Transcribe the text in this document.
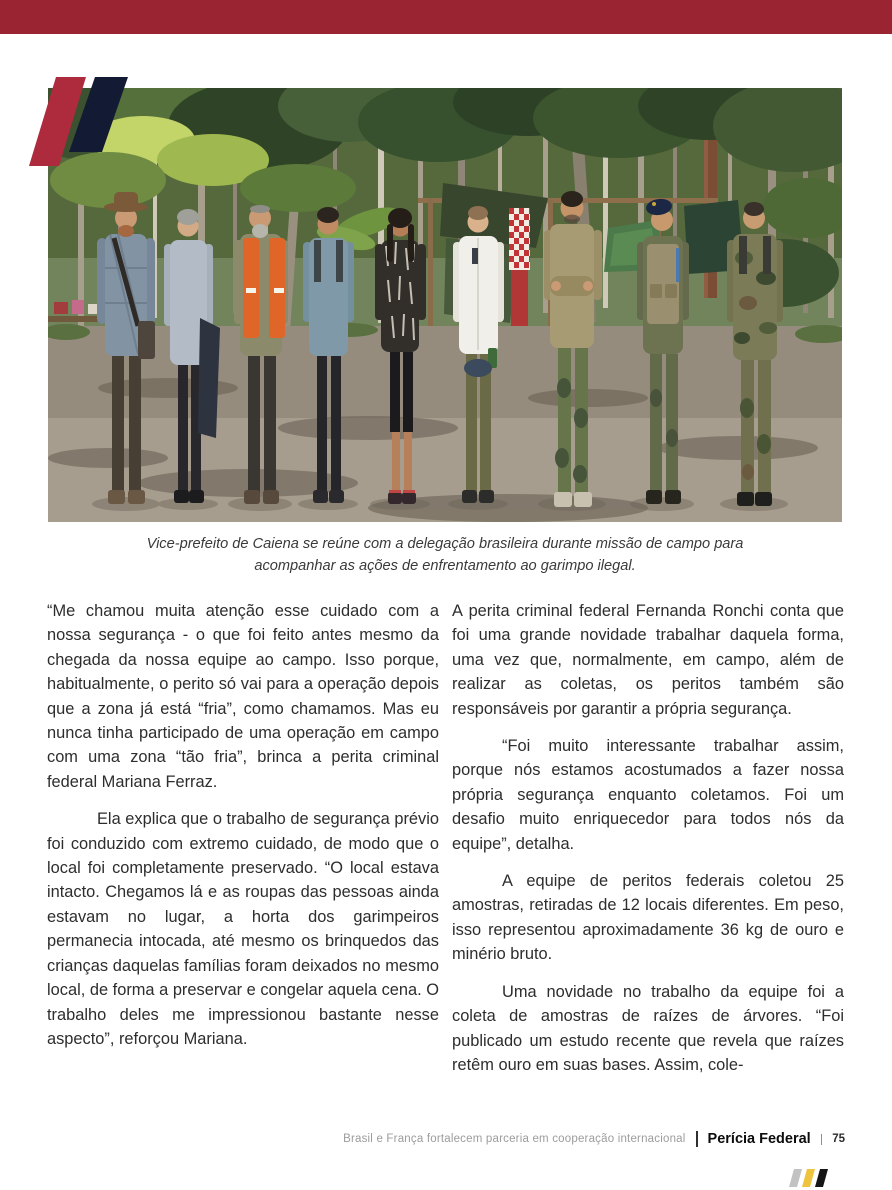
Vice-prefeito de Caiena se reúne com a delegação brasileira durante missão de campo para acompanhar as ações de enfrentamento ao garimpo ilegal.

“Me chamou muita atenção esse cuidado com a nossa segurança - o que foi feito antes mesmo da chegada da nossa equipe ao campo. Isso porque, habitualmente, o perito só vai para a operação depois que a zona já está “fria”, como chamamos. Mas eu nunca tinha participado de uma operação em campo com uma zona “tão fria”, brinca a perita criminal federal Mariana Ferraz.

Ela explica que o trabalho de segurança prévio foi conduzido com extremo cuidado, de modo que o local foi completamente preservado. “O local estava intacto. Chegamos lá e as roupas das pessoas ainda estavam no lugar, a horta dos garimpeiros permanecia intocada, até mesmo os brinquedos das crianças daquelas famílias foram deixados no mesmo local, de forma a preservar e congelar aquela cena. O trabalho deles me impressionou bastante nesse aspecto”, reforçou Mariana.

A perita criminal federal Fernanda Ronchi conta que foi uma grande novidade trabalhar daquela forma, uma vez que, normalmente, em campo, além de realizar as coletas, os peritos também são responsáveis por garantir a própria segurança.

“Foi muito interessante trabalhar assim, porque nós estamos acostumados a fazer nossa própria segurança enquanto coletamos. Foi um desafio muito enriquecedor para todos nós da equipe”, detalha.

A equipe de peritos federais coletou 25 amostras, retiradas de 12 locais diferentes. Em peso, isso representou aproximadamente 36 kg de ouro e minério bruto.

Uma novidade no trabalho da equipe foi a coleta de amostras de raízes de árvores. “Foi publicado um estudo recente que revela que raízes retêm ouro em suas bases. Assim, cole-

Brasil e França fortalecem parceria em cooperação internacional Perícia Federal 75
